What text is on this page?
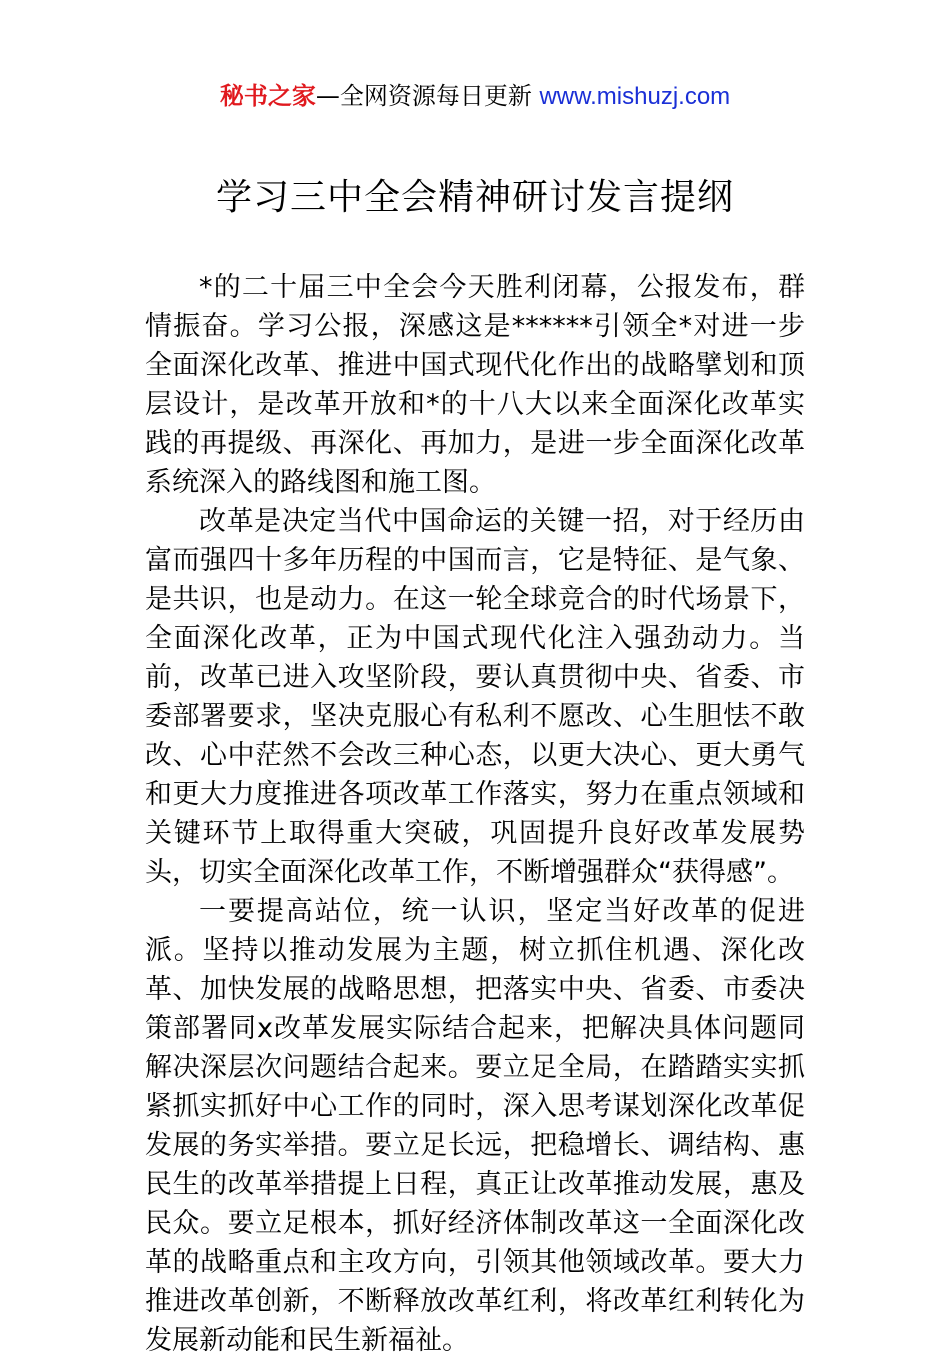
秘书之家—全网资源每日更新 www.mishuzj.com
学习三中全会精神研讨发言提纲

*的二十届三中全会今天胜利闭幕，公报发布，群情振奋。学习公报，深感这是******引领全*对进一步全面深化改革、推进中国式现代化作出的战略擘划和顶层设计，是改革开放和*的十八大以来全面深化改革实践的再提级、再深化、再加力，是进一步全面深化改革系统深入的路线图和施工图。

改革是决定当代中国命运的关键一招，对于经历由富而强四十多年历程的中国而言，它是特征、是气象、是共识，也是动力。在这一轮全球竞合的时代场景下，全面深化改革，正为中国式现代化注入强劲动力。当前，改革已进入攻坚阶段，要认真贯彻中央、省委、市委部署要求，坚决克服心有私利不愿改、心生胆怯不敢改、心中茫然不会改三种心态，以更大决心、更大勇气和更大力度推进各项改革工作落实，努力在重点领域和关键环节上取得重大突破，巩固提升良好改革发展势头，切实全面深化改革工作，不断增强群众“获得感”。

一要提高站位，统一认识，坚定当好改革的促进派。坚持以推动发展为主题，树立抓住机遇、深化改革、加快发展的战略思想，把落实中央、省委、市委决策部署同x改革发展实际结合起来，把解决具体问题同解决深层次问题结合起来。要立足全局，在踏踏实实抓紧抓实抓好中心工作的同时，深入思考谋划深化改革促发展的务实举措。要立足长远，把稳增长、调结构、惠民生的改革举措提上日程，真正让改革推动发展，惠及民众。要立足根本，抓好经济体制改革这一全面深化改革的战略重点和主攻方向，引领其他领域改革。要大力推进改革创新，不断释放改革红利，将改革红利转化为发展新动能和民生新福祉。
